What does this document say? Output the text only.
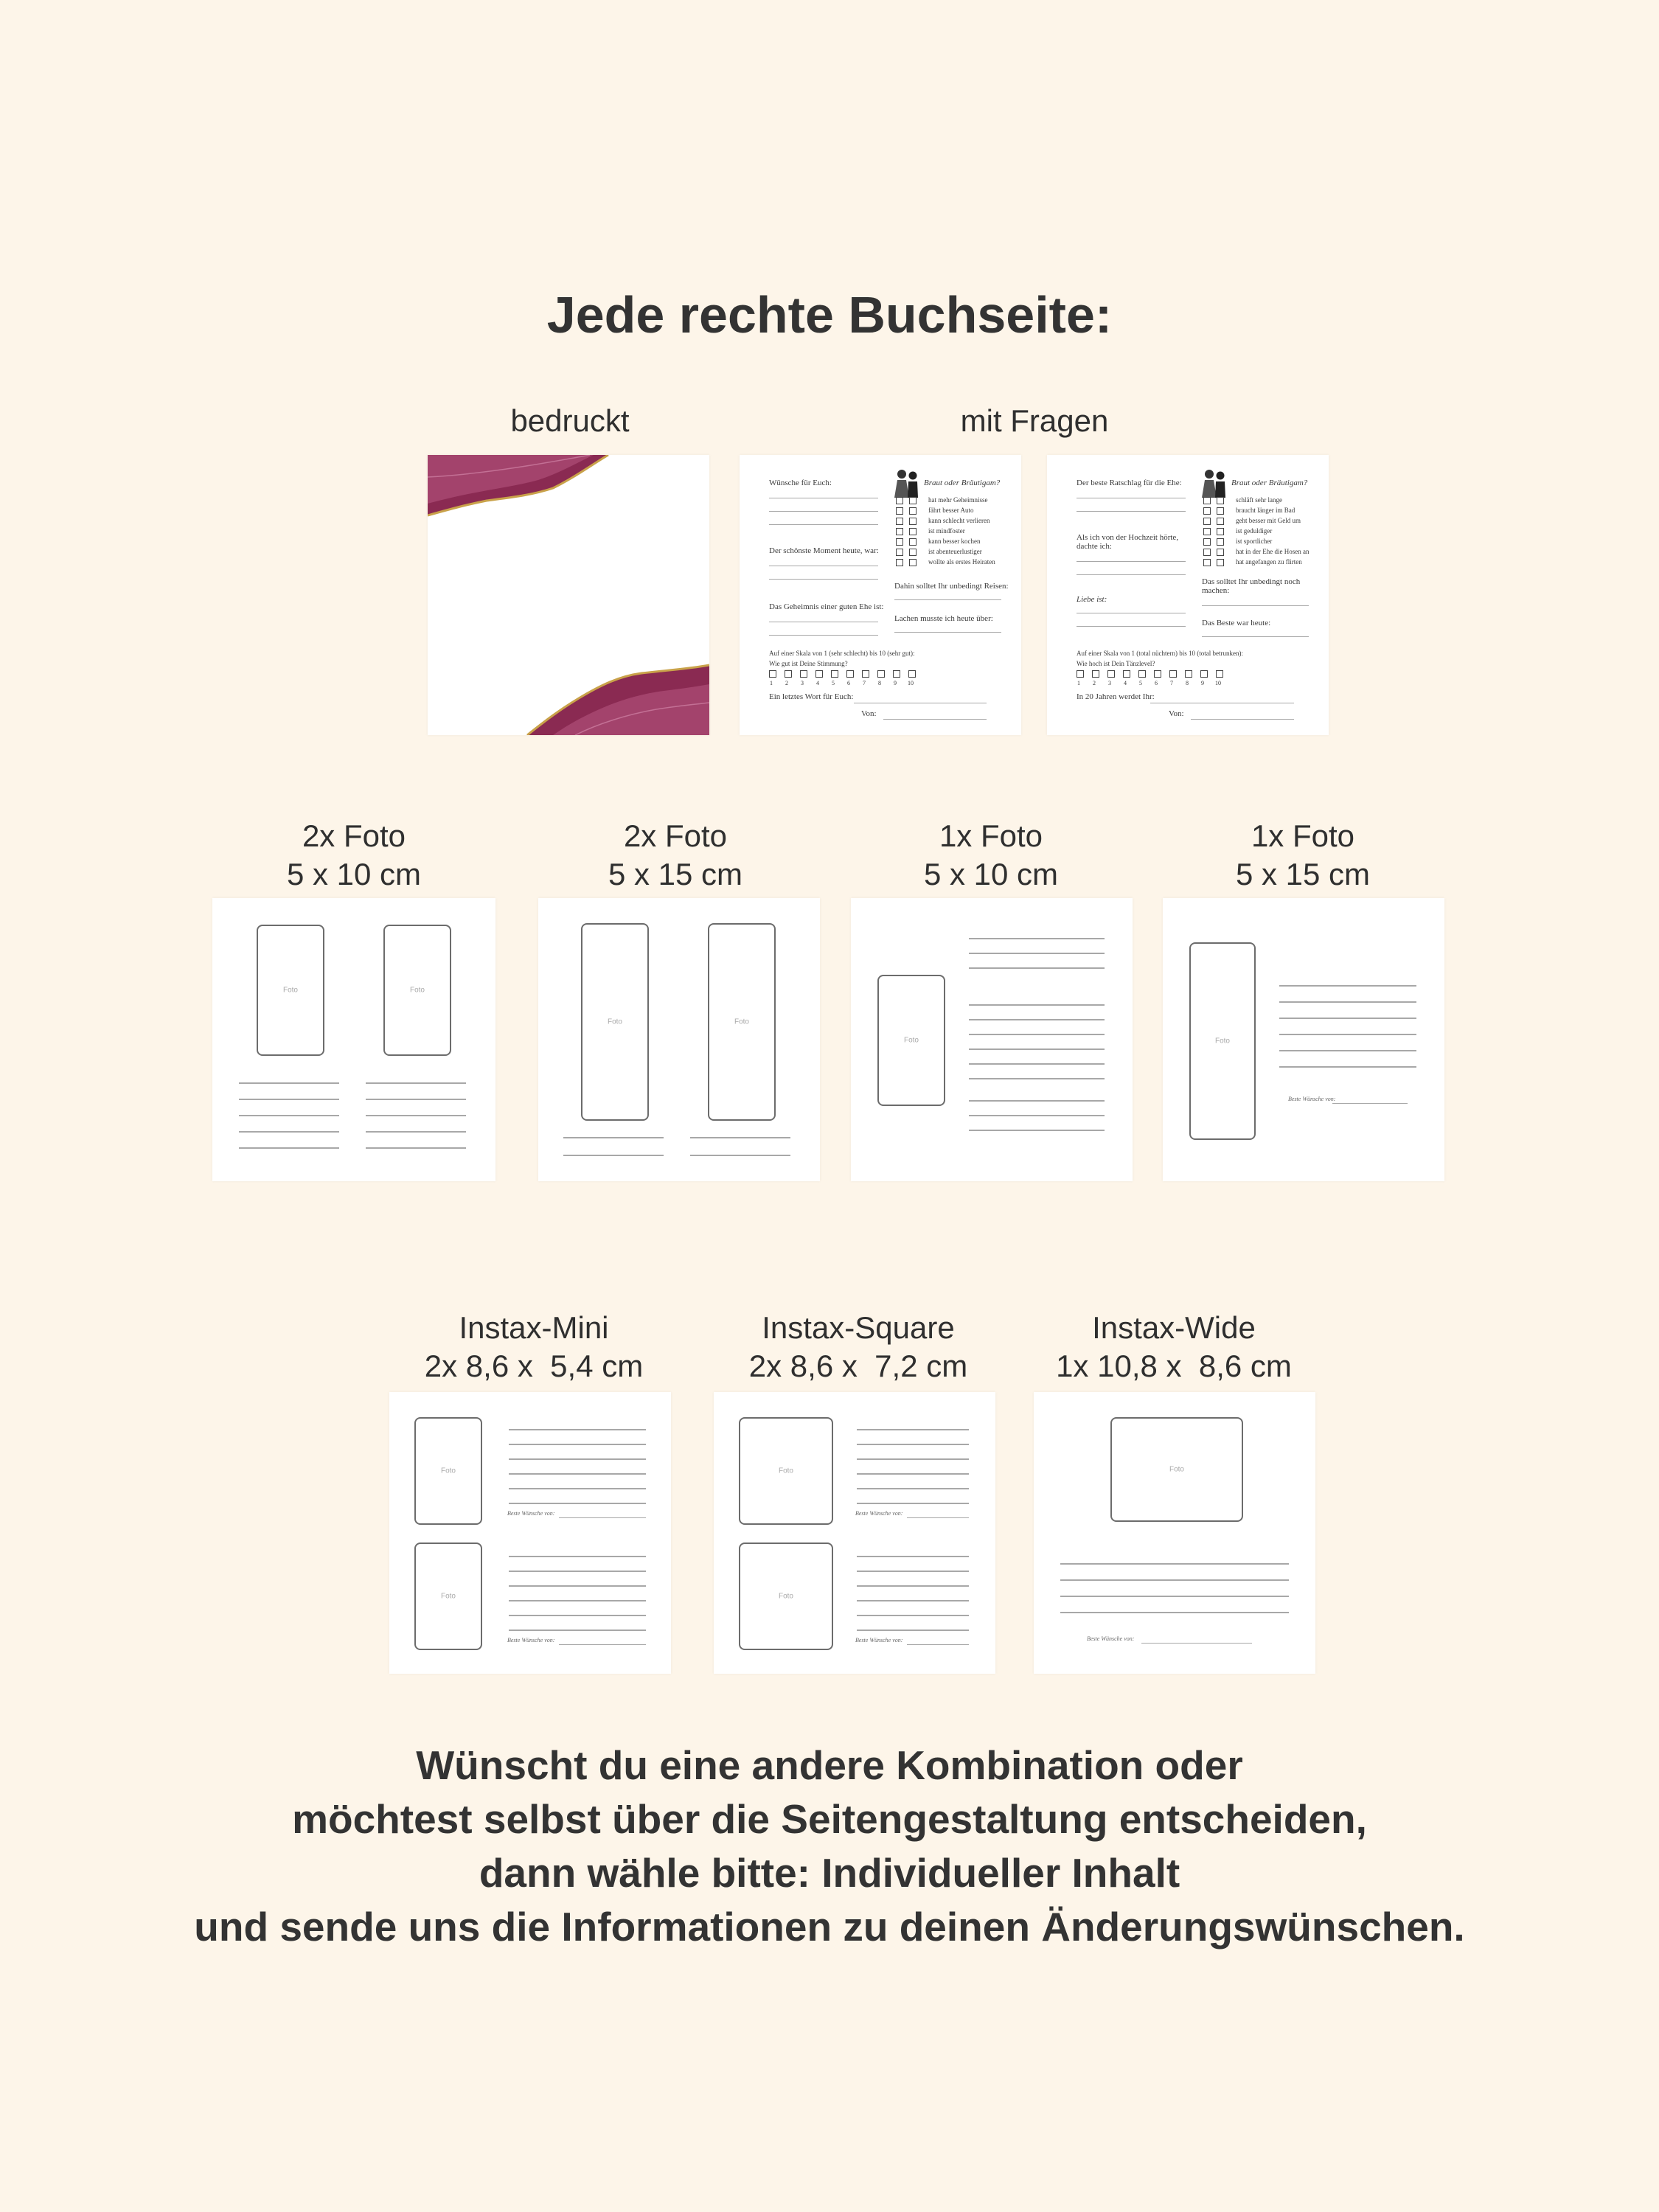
Jede rechte Buchseite:
bedruckt	mit Fragen
Wünsche für Euch:
Der schönste Moment heute, war:
Das Geheimnis einer guten Ehe ist:
Auf einer Skala von 1 (sehr schlecht) bis 10 (sehr gut):
Wie gut ist Deine Stimmung?
Ein letztes Wort für Euch:
Von:
Braut oder Bräutigam?
hat mehr Geheimnisse
fährt besser Auto
kann schlecht verlieren
ist mindfoster
kann besser kochen
ist abenteuerlustiger
wollte als erstes Heiraten
Dahin solltet Ihr unbedingt Reisen:
Lachen musste ich heute über:
1 2 3 4 5 6 7 8 9 10
Der beste Ratschlag für die Ehe:
Als ich von der Hochzeit hörte, dachte ich:
Liebe ist:
Auf einer Skala von 1 (total nüchtern) bis 10 (total betrunken):
Wie hoch ist Dein Tänzlevel?
In 20 Jahren werdet Ihr:
Von:
Braut oder Bräutigam?
schläft sehr lange
braucht länger im Bad
geht besser mit Geld um
ist geduldiger
ist sportlicher
hat in der Ehe die Hosen an
hat angefangen zu flirten
Das solltet Ihr unbedingt noch machen:
Das Beste war heute:
1 2 3 4 5 6 7 8 9 10
2x Foto
5 x 10 cm
2x Foto
5 x 15 cm
1x Foto
5 x 10 cm
1x Foto
5 x 15 cm
Foto	Foto
Foto	Foto
Foto	Foto
Beste Wünsche von:
Instax-Mini
2x 8,6 x  5,4 cm
Instax-Square
2x 8,6 x  7,2 cm
Instax-Wide
1x 10,8 x  8,6 cm
Foto
Foto
Beste Wünsche von:
Beste Wünsche von:
Foto
Foto
Beste Wünsche von:
Beste Wünsche von:
Foto
Beste Wünsche von:
Wünscht du eine andere Kombination oder
möchtest selbst über die Seitengestaltung entscheiden,
dann wähle bitte: Individueller Inhalt
und sende uns die Informationen zu deinen Änderungswünschen.
